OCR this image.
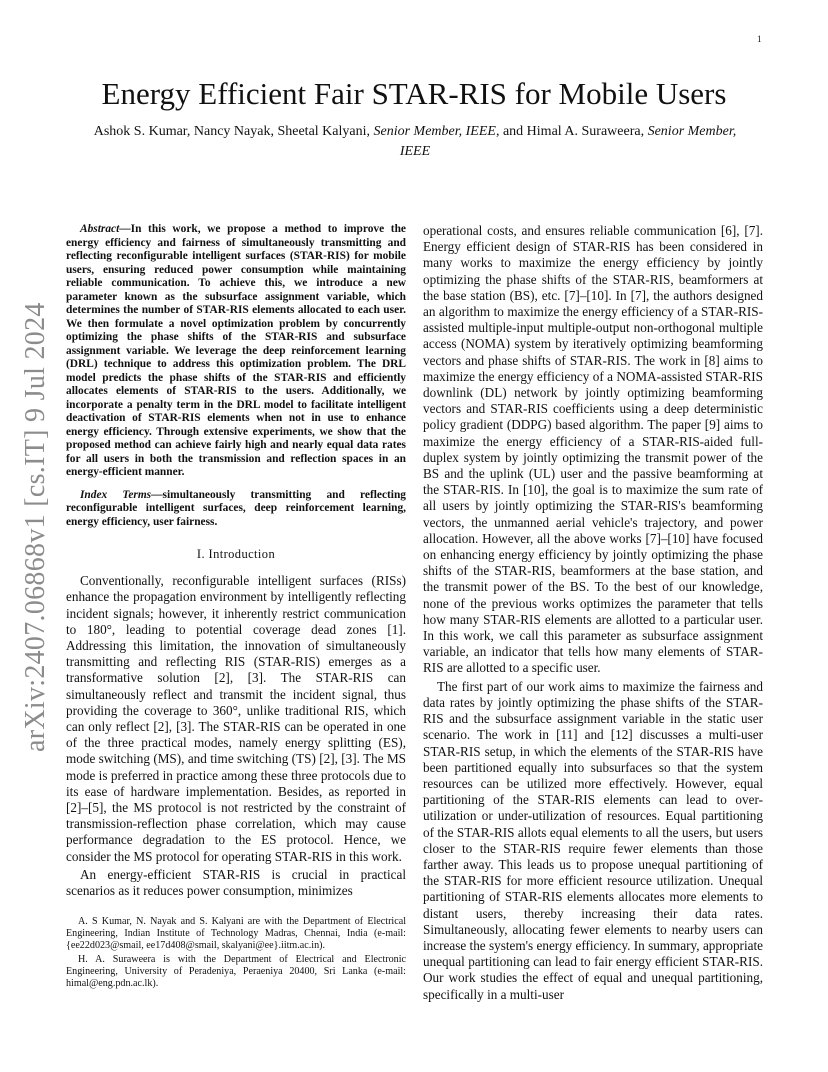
1
arXiv:2407.06868v1 [cs.IT] 9 Jul 2024
Energy Efficient Fair STAR-RIS for Mobile Users
Ashok S. Kumar, Nancy Nayak, Sheetal Kalyani, Senior Member, IEEE, and Himal A. Suraweera, Senior Member, IEEE

Abstract—In this work, we propose a method to improve the energy efficiency and fairness of simultaneously transmitting and reflecting reconfigurable intelligent surfaces (STAR-RIS) for mobile users, ensuring reduced power consumption while maintaining reliable communication. To achieve this, we introduce a new parameter known as the subsurface assignment variable, which determines the number of STAR-RIS elements allocated to each user. We then formulate a novel optimization problem by concurrently optimizing the phase shifts of the STAR-RIS and subsurface assignment variable. We leverage the deep reinforcement learning (DRL) technique to address this optimization problem. The DRL model predicts the phase shifts of the STAR-RIS and efficiently allocates elements of STAR-RIS to the users. Additionally, we incorporate a penalty term in the DRL model to facilitate intelligent deactivation of STAR-RIS elements when not in use to enhance energy efficiency. Through extensive experiments, we show that the proposed method can achieve fairly high and nearly equal data rates for all users in both the transmission and reflection spaces in an energy-efficient manner.

Index Terms—simultaneously transmitting and reflecting reconfigurable intelligent surfaces, deep reinforcement learning, energy efficiency, user fairness.

I. Introduction

Conventionally, reconfigurable intelligent surfaces (RISs) enhance the propagation environment by intelligently reflecting incident signals; however, it inherently restrict communication to 180°, leading to potential coverage dead zones [1]. Addressing this limitation, the innovation of simultaneously transmitting and reflecting RIS (STAR-RIS) emerges as a transformative solution [2], [3]. The STAR-RIS can simultaneously reflect and transmit the incident signal, thus providing the coverage to 360°, unlike traditional RIS, which can only reflect [2], [3]. The STAR-RIS can be operated in one of the three practical modes, namely energy splitting (ES), mode switching (MS), and time switching (TS) [2], [3]. The MS mode is preferred in practice among these three protocols due to its ease of hardware implementation. Besides, as reported in [2]–[5], the MS protocol is not restricted by the constraint of transmission-reflection phase correlation, which may cause performance degradation to the ES protocol. Hence, we consider the MS protocol for operating STAR-RIS in this work.

An energy-efficient STAR-RIS is crucial in practical scenarios as it reduces power consumption, minimizes

A. S Kumar, N. Nayak and S. Kalyani are with the Department of Electrical Engineering, Indian Institute of Technology Madras, Chennai, India (e-mail: {ee22d023@smail, ee17d408@smail, skalyani@ee}.iitm.ac.in).

H. A. Suraweera is with the Department of Electrical and Electronic Engineering, University of Peradeniya, Peraeniya 20400, Sri Lanka (e-mail: himal@eng.pdn.ac.lk).

operational costs, and ensures reliable communication [6], [7]. Energy efficient design of STAR-RIS has been considered in many works to maximize the energy efficiency by jointly optimizing the phase shifts of the STAR-RIS, beamformers at the base station (BS), etc. [7]–[10]. In [7], the authors designed an algorithm to maximize the energy efficiency of a STAR-RIS-assisted multiple-input multiple-output non-orthogonal multiple access (NOMA) system by iteratively optimizing beamforming vectors and phase shifts of STAR-RIS. The work in [8] aims to maximize the energy efficiency of a NOMA-assisted STAR-RIS downlink (DL) network by jointly optimizing beamforming vectors and STAR-RIS coefficients using a deep deterministic policy gradient (DDPG) based algorithm. The paper [9] aims to maximize the energy efficiency of a STAR-RIS-aided full-duplex system by jointly optimizing the transmit power of the BS and the uplink (UL) user and the passive beamforming at the STAR-RIS. In [10], the goal is to maximize the sum rate of all users by jointly optimizing the STAR-RIS's beamforming vectors, the unmanned aerial vehicle's trajectory, and power allocation. However, all the above works [7]–[10] have focused on enhancing energy efficiency by jointly optimizing the phase shifts of the STAR-RIS, beamformers at the base station, and the transmit power of the BS. To the best of our knowledge, none of the previous works optimizes the parameter that tells how many STAR-RIS elements are allotted to a particular user. In this work, we call this parameter as subsurface assignment variable, an indicator that tells how many elements of STAR-RIS are allotted to a specific user.

The first part of our work aims to maximize the fairness and data rates by jointly optimizing the phase shifts of the STAR-RIS and the subsurface assignment variable in the static user scenario. The work in [11] and [12] discusses a multi-user STAR-RIS setup, in which the elements of the STAR-RIS have been partitioned equally into subsurfaces so that the system resources can be utilized more effectively. However, equal partitioning of the STAR-RIS elements can lead to over-utilization or under-utilization of resources. Equal partitioning of the STAR-RIS allots equal elements to all the users, but users closer to the STAR-RIS require fewer elements than those farther away. This leads us to propose unequal partitioning of the STAR-RIS for more efficient resource utilization. Unequal partitioning of STAR-RIS elements allocates more elements to distant users, thereby increasing their data rates. Simultaneously, allocating fewer elements to nearby users can increase the system's energy efficiency. In summary, appropriate unequal partitioning can lead to fair energy efficient STAR-RIS. Our work studies the effect of equal and unequal partitioning, specifically in a multi-user
